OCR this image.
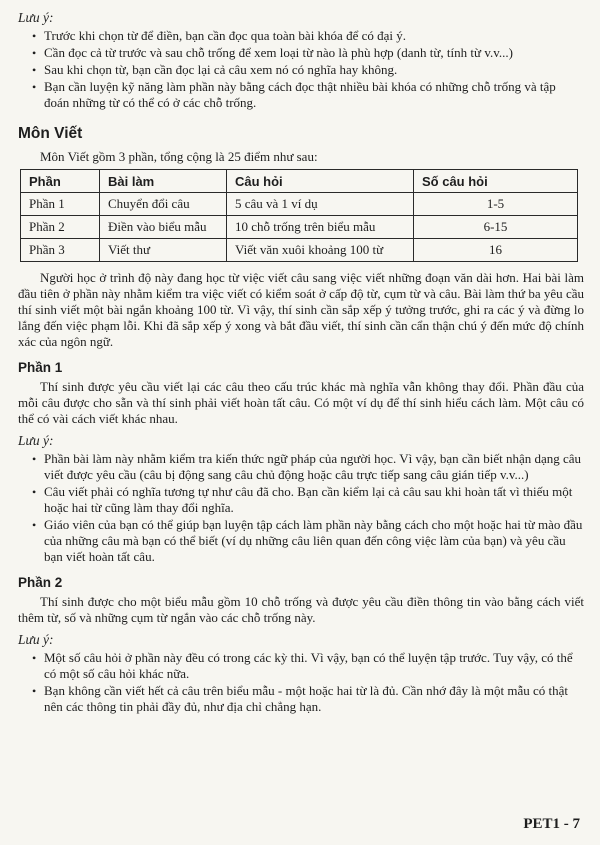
Lưu ý:
• Trước khi chọn từ để điền, bạn cần đọc qua toàn bài khóa để có đại ý.
• Cần đọc cả từ trước và sau chỗ trống để xem loại từ nào là phù hợp (danh từ, tính từ v.v...)
• Sau khi chọn từ, bạn cần đọc lại cả câu xem nó có nghĩa hay không.
• Bạn cần luyện kỹ năng làm phần này bằng cách đọc thật nhiều bài khóa có những chỗ trống và tập đoán những từ có thể có ở các chỗ trống.
Môn Viết
Môn Viết gồm 3 phần, tổng cộng là 25 điểm như sau:
Phần	Bài làm	Câu hỏi	Số câu hỏi
Phần 1	Chuyển đổi câu	5 câu và 1 ví dụ	1-5
Phần 2	Điền vào biểu mẫu	10 chỗ trống trên biểu mẫu	6-15
Phần 3	Viết thư	Viết văn xuôi khoảng 100 từ	16

Người học ở trình độ này đang học từ việc viết câu sang việc viết những đoạn văn dài hơn. Hai bài làm đầu tiên ở phần này nhằm kiểm tra việc viết có kiểm soát ở cấp độ từ, cụm từ và câu. Bài làm thứ ba yêu cầu thí sinh viết một bài ngắn khoảng 100 từ. Vì vậy, thí sinh cần sắp xếp ý tưởng trước, ghi ra các ý và đừng lo lắng đến việc phạm lỗi. Khi đã sắp xếp ý xong và bắt đầu viết, thí sinh cần cẩn thận chú ý đến mức độ chính xác của ngôn ngữ.

Phần 1

Thí sinh được yêu cầu viết lại các câu theo cấu trúc khác mà nghĩa vẫn không thay đổi. Phần đầu của mỗi câu được cho sẵn và thí sinh phải viết hoàn tất câu. Có một ví dụ để thí sinh hiểu cách làm. Một câu có thể có vài cách viết khác nhau.

Lưu ý:
• Phần bài làm này nhằm kiểm tra kiến thức ngữ pháp của người học. Vì vậy, bạn cần biết nhận dạng câu viết được yêu cầu (câu bị động sang câu chủ động hoặc câu trực tiếp sang câu gián tiếp v.v...)
• Câu viết phải có nghĩa tương tự như câu đã cho. Bạn cần kiểm lại cả câu sau khi hoàn tất vì thiếu một hoặc hai từ cũng làm thay đổi nghĩa.
• Giáo viên của bạn có thể giúp bạn luyện tập cách làm phần này bằng cách cho một hoặc hai từ mào đầu của những câu mà bạn có thể biết (ví dụ những câu liên quan đến công việc làm của bạn) và yêu cầu bạn viết hoàn tất câu.
Phần 2

Thí sinh được cho một biểu mẫu gồm 10 chỗ trống và được yêu cầu điền thông tin vào bằng cách viết thêm từ, số và những cụm từ ngắn vào các chỗ trống này.

Lưu ý:
• Một số câu hỏi ở phần này đều có trong các kỳ thi. Vì vậy, bạn có thể luyện tập trước. Tuy vậy, có thể có một số câu hỏi khác nữa.
• Bạn không cần viết hết cả câu trên biểu mẫu - một hoặc hai từ là đủ. Cần nhớ đây là một mẫu có thật nên các thông tin phải đầy đủ, như địa chỉ chẳng hạn.
PET1 - 7
